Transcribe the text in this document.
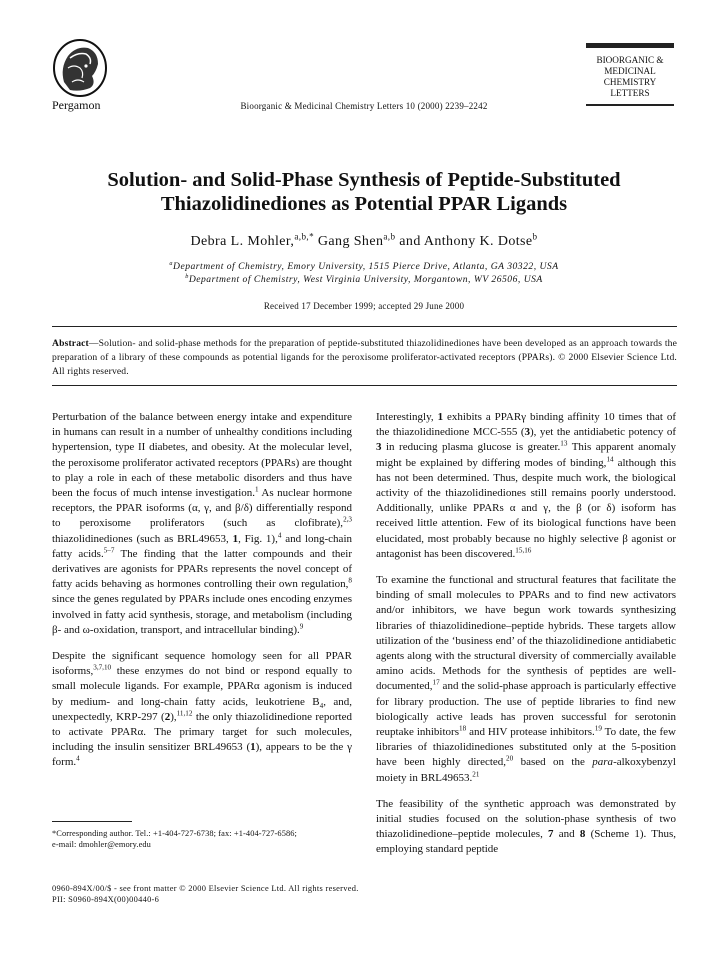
Pergamon	Bioorganic & Medicinal Chemistry Letters 10 (2000) 2239–2242
BIOORGANIC &
MEDICINAL
CHEMISTRY
LETTERS
Solution- and Solid-Phase Synthesis of Peptide-Substituted
Thiazolidinediones as Potential PPAR Ligands
Debra L. Mohler,$^{a,b,*}$ Gang Shen$^{a,b}$ and Anthony K. Dotse$^b$
$^a$Department of Chemistry, Emory University, 1515 Pierce Drive, Atlanta, GA 30322, USA
$^b$Department of Chemistry, West Virginia University, Morgantown, WV 26506, USA
Received 17 December 1999; accepted 29 June 2000
Abstract—Solution- and solid-phase methods for the preparation of peptide-substituted thiazolidinediones have been developed as an approach towards the preparation of a library of these compounds as potential ligands for the peroxisome proliferator-activated receptors (PPARs). © 2000 Elsevier Science Ltd. All rights reserved.

Perturbation of the balance between energy intake and expenditure in humans can result in a number of unhealthy conditions including hypertension, type II diabetes, and obesity. At the molecular level, the peroxisome proliferator activated receptors (PPARs) are thought to play a role in each of these metabolic disorders and thus have been the focus of much intense investigation.$^1$ As nuclear hormone receptors, the PPAR isoforms (α, γ, and β/δ) differentially respond to peroxisome proliferators (such as clofibrate),$^{2,3}$ thiazolidinediones (such as BRL49653, 1, Fig. 1),$^4$ and long-chain fatty acids.$^{5-7}$ The finding that the latter compounds and their derivatives are agonists for PPARs represents the novel concept of fatty acids behaving as hormones controlling their own regulation,$^8$ since the genes regulated by PPARs include ones encoding enzymes involved in fatty acid synthesis, storage, and metabolism (including β- and ω-oxidation, transport, and intracellular binding).$^9$

Despite the significant sequence homology seen for all PPAR isoforms,$^{3,7,10}$ these enzymes do not bind or respond equally to small molecule ligands. For example, PPARα agonism is induced by medium- and long-chain fatty acids, leukotriene $B_4$, and, unexpectedly, KRP-297 (2),$^{11,12}$ the only thiazolidinedione reported to activate PPARα. The primary target for such molecules, including the insulin sensitizer BRL49653 (1), appears to be the γ form.$^4$

Interestingly, 1 exhibits a PPARγ binding affinity 10 times that of the thiazolidinedione MCC-555 (3), yet the antidiabetic potency of 3 in reducing plasma glucose is greater.$^{13}$ This apparent anomaly might be explained by differing modes of binding,$^{14}$ although this has not been determined. Thus, despite much work, the biological activity of the thiazolidinediones still remains poorly understood. Additionally, unlike PPARs α and γ, the β (or δ) isoform has received little attention. Few of its biological functions have been elucidated, most probably because no highly selective β agonist or antagonist has been discovered.$^{15,16}$

To examine the functional and structural features that facilitate the binding of small molecules to PPARs and to find new activators and/or inhibitors, we have begun work towards synthesizing libraries of thiazolidinedione–peptide hybrids. These targets allow utilization of the ‘business end’ of the thiazolidinedione antidiabetic agents along with the structural diversity of commercially available amino acids. Methods for the synthesis of peptides are well-documented,$^{17}$ and the solid-phase approach is particularly effective for library production. The use of peptide libraries to find new biologically active leads has proven successful for serotonin reuptake inhibitors$^{18}$ and HIV protease inhibitors.$^{19}$ To date, the few libraries of thiazolidinediones substituted only at the 5-position have been highly directed,$^{20}$ based on the para-alkoxybenzyl moiety in BRL49653.21

The feasibility of the synthetic approach was demonstrated by initial studies focused on the solution-phase synthesis of two thiazolidinedione–peptide molecules, 7 and 8 (Scheme 1). Thus, employing standard peptide

*Corresponding author. Tel.: +1-404-727-6738; fax: +1-404-727-6586;
e-mail: dmohler@emory.edu
0960-894X/00/$ - see front matter © 2000 Elsevier Science Ltd. All rights reserved.
PII: S0960-894X(00)00440-6
